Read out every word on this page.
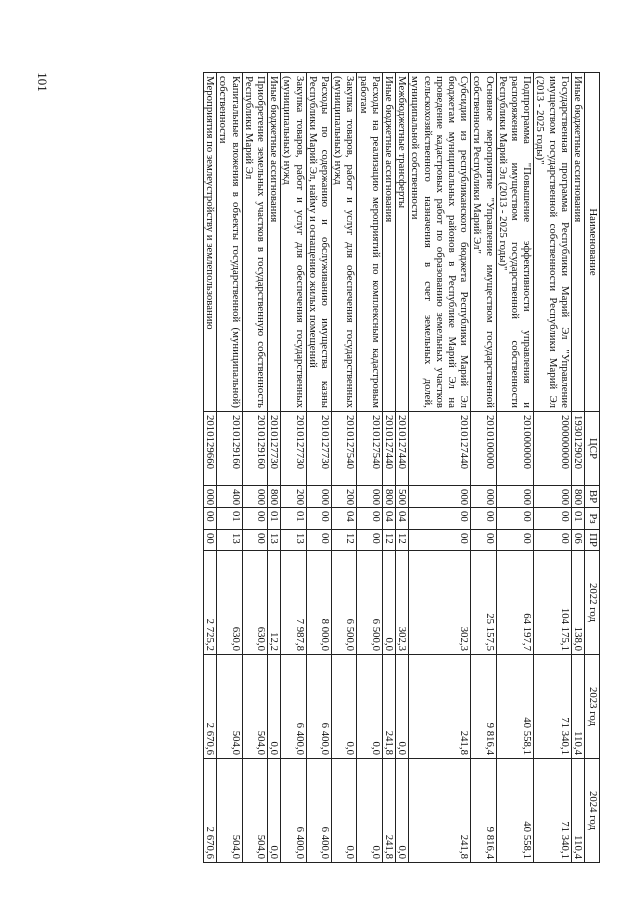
101
Наименование	ЦСР	ВР	Рз	ПР	2022 год	2023 год	2024 год
Иные бюджетные ассигнования	1930129020	800	01	06	138,0	110,4	110,4
Государственная программа Республики Марий Эл "Управление имуществом государственной собственности Республики Марий Эл (2013 - 2025 годы)"	2000000000	000	00	00	104 175,1	71 340,1	71 340,1
Подпрограмма "Повышение эффективности управления и распоряжения имуществом государственной собственности Республики Марий Эл (2013 - 2025 годы)"	2010000000	000	00	00	64 197,7	40 558,1	40 558,1
Основное мероприятие "Управление имуществом государственной собственности Республики Марий Эл"	2010100000	000	00	00	25 157,5	9 816,4	9 816,4
Субсидии из республиканского бюджета Республики Марий Эл бюджетам муниципальных районов в Республике Марий Эл на проведение кадастровых работ по образованию земельных участков сельскохозяйственного назначения в счет земельных долей, муниципальной собственности	2010127440	000	00	00	302,3	241,8	241,8
Межбюджетные трансферты	2010127440	500	04	12	302,3	0,0	0,0
Иные бюджетные ассигнования	2010127440	800	04	12	0,0	241,8	241,8
Расходы на реализацию мероприятий по комплексным кадастровым работам	2010127540	000	00	00	6 500,0	0,0	0,0
Закупка товаров, работ и услуг для обеспечения государственных (муниципальных) нужд	2010127540	200	04	12	6 500,0	0,0	0,0
Расходы по содержанию и обслуживанию имущества казны Республики Марий Эл, найму и оснащению жилых помещений	2010127730	000	00	00	8 000,0	6 400,0	6 400,0
Закупка товаров, работ и услуг для обеспечения государственных (муниципальных) нужд	2010127730	200	01	13	7 987,8	6 400,0	6 400,0
Иные бюджетные ассигнования	2010127730	800	01	13	12,2	0,0	0,0
Приобретение земельных участков в государственную собственность Республики Марий Эл	2010129160	000	00	00	630,0	504,0	504,0
Капитальные вложения в объекты государственной (муниципальной) собственности	2010129160	400	01	13	630,0	504,0	504,0
Мероприятия по землеустройству и землепользованию	2010129660	000	00	00	2 725,2	2 670,6	2 670,6
